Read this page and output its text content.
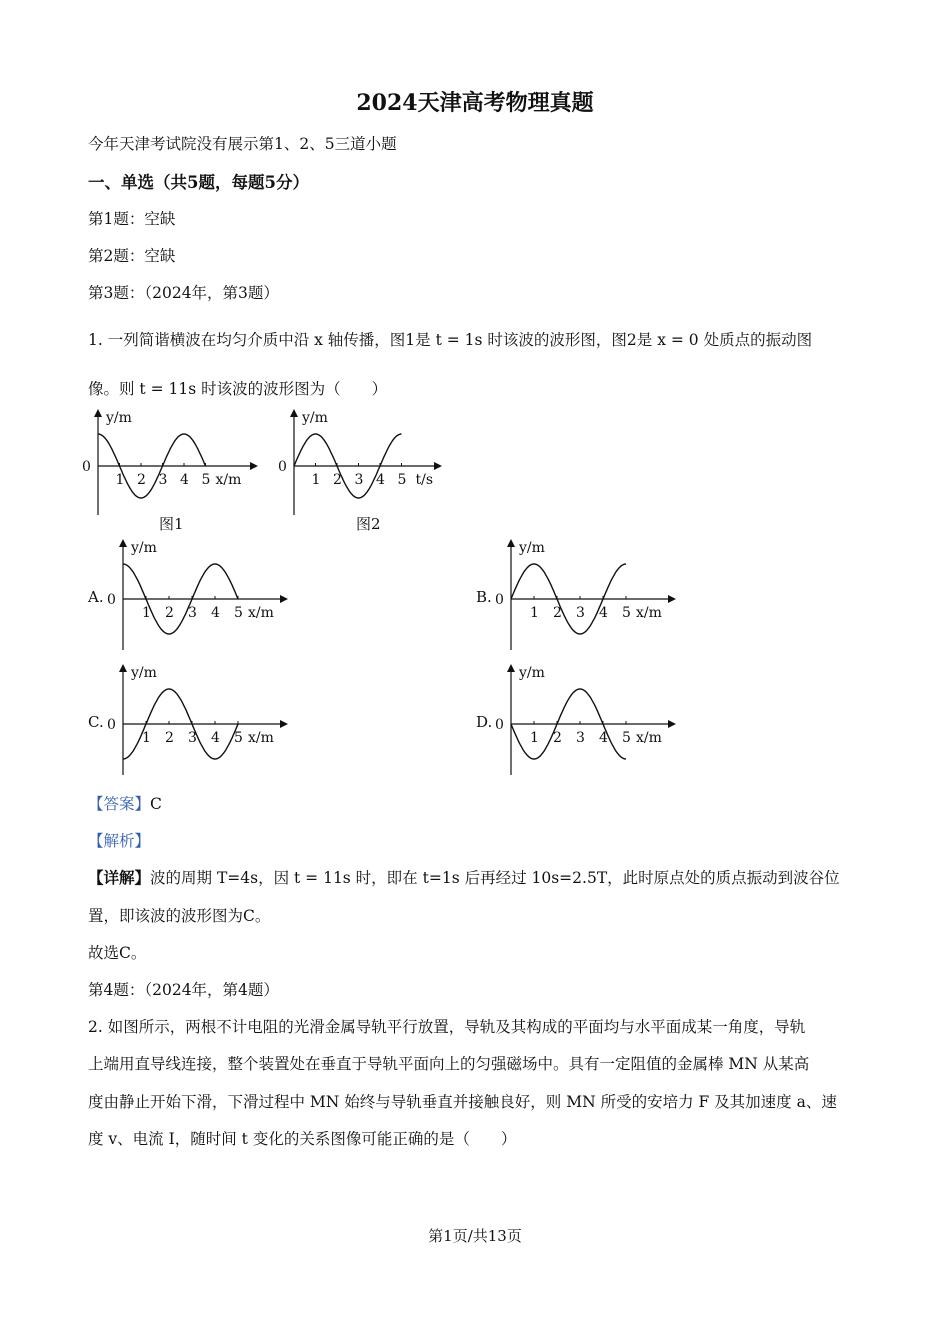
2024天津高考物理真题
今年天津考试院没有展示第1、2、5三道小题
一、单选（共5题，每题5分）
第1题：空缺
第2题：空缺
第3题：（2024年，第3题）
1. 一列简谐横波在均匀介质中沿 x 轴传播，图1是 t = 1s 时该波的波形图，图2是 x = 0 处质点的振动图
像。则 t = 11s 时该波的波形图为（　　）
y/m
0
1 2 3 4 5 x/m
图1
y/m
0
1 2 3 4 5 t/s
图2
A.
y/m
0
1 2 3 4 5 x/m
B.
y/m
0
1 2 3 4 5 x/m
C.
y/m
0
1 2 3 4 5 x/m
D.
y/m
0
1 2 3 4 5 x/m
【答案】C
【解析】
【详解】波的周期 T=4s，因 t = 11s 时，即在 t=1s 后再经过 10s=2.5T，此时原点处的质点振动到波谷位
置，即该波的波形图为C。
故选C。
第4题：（2024年，第4题）
2. 如图所示，两根不计电阻的光滑金属导轨平行放置，导轨及其构成的平面均与水平面成某一角度，导轨
上端用直导线连接，整个装置处在垂直于导轨平面向上的匀强磁场中。具有一定阻值的金属棒 MN 从某高
度由静止开始下滑，下滑过程中 MN 始终与导轨垂直并接触良好，则 MN 所受的安培力 F 及其加速度 a、速
度 v、电流 I，随时间 t 变化的关系图像可能正确的是（　　）
第1页/共13页
